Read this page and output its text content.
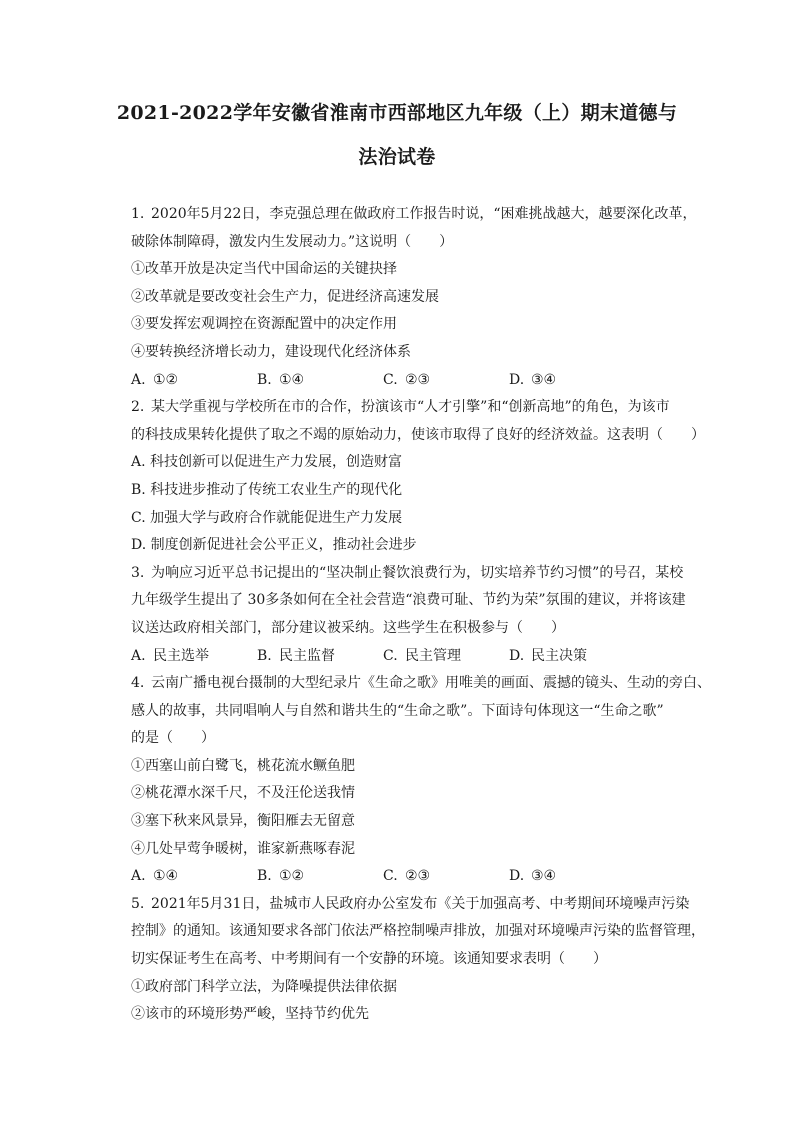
2021-2022学年安徽省淮南市西部地区九年级（上）期末道德与
法治试卷
1. 2020年5月22日，李克强总理在做政府工作报告时说，“困难挑战越大，越要深化改革，
破除体制障碍，激发内生发展动力。”这说明（　　）
①改革开放是决定当代中国命运的关键抉择
②改革就是要改变社会生产力，促进经济高速发展
③要发挥宏观调控在资源配置中的决定作用
④要转换经济增长动力，建设现代化经济体系
A. ①②	B. ①④	C. ②③	D. ③④
2. 某大学重视与学校所在市的合作，扮演该市“人才引擎”和“创新高地”的角色，为该市
的科技成果转化提供了取之不竭的原始动力，使该市取得了良好的经济效益。这表明（　　）
A. 科技创新可以促进生产力发展，创造财富
B. 科技进步推动了传统工农业生产的现代化
C. 加强大学与政府合作就能促进生产力发展
D. 制度创新促进社会公平正义，推动社会进步
3. 为响应习近平总书记提出的“坚决制止餐饮浪费行为，切实培养节约习惯”的号召，某校
九年级学生提出了 30多条如何在全社会营造“浪费可耻、节约为荣”氛围的建议，并将该建
议送达政府相关部门，部分建议被采纳。这些学生在积极参与（　　）
A. 民主选举	B. 民主监督	C. 民主管理	D. 民主决策
4. 云南广播电视台摄制的大型纪录片《生命之歌》用唯美的画面、震撼的镜头、生动的旁白、
感人的故事，共同唱响人与自然和谐共生的“生命之歌”。下面诗句体现这一“生命之歌”
的是（　　）
①西塞山前白鹭飞，桃花流水鳜鱼肥
②桃花潭水深千尺，不及汪伦送我情
③塞下秋来风景异，衡阳雁去无留意
④几处早莺争暖树，谁家新燕啄春泥
A. ①④	B. ①②	C. ②③	D. ③④
5. 2021年5月31日，盐城市人民政府办公室发布《关于加强高考、中考期间环境噪声污染
控制》的通知。该通知要求各部门依法严格控制噪声排放，加强对环境噪声污染的监督管理，
切实保证考生在高考、中考期间有一个安静的环境。该通知要求表明（　　）
①政府部门科学立法，为降噪提供法律依据
②该市的环境形势严峻，坚持节约优先
